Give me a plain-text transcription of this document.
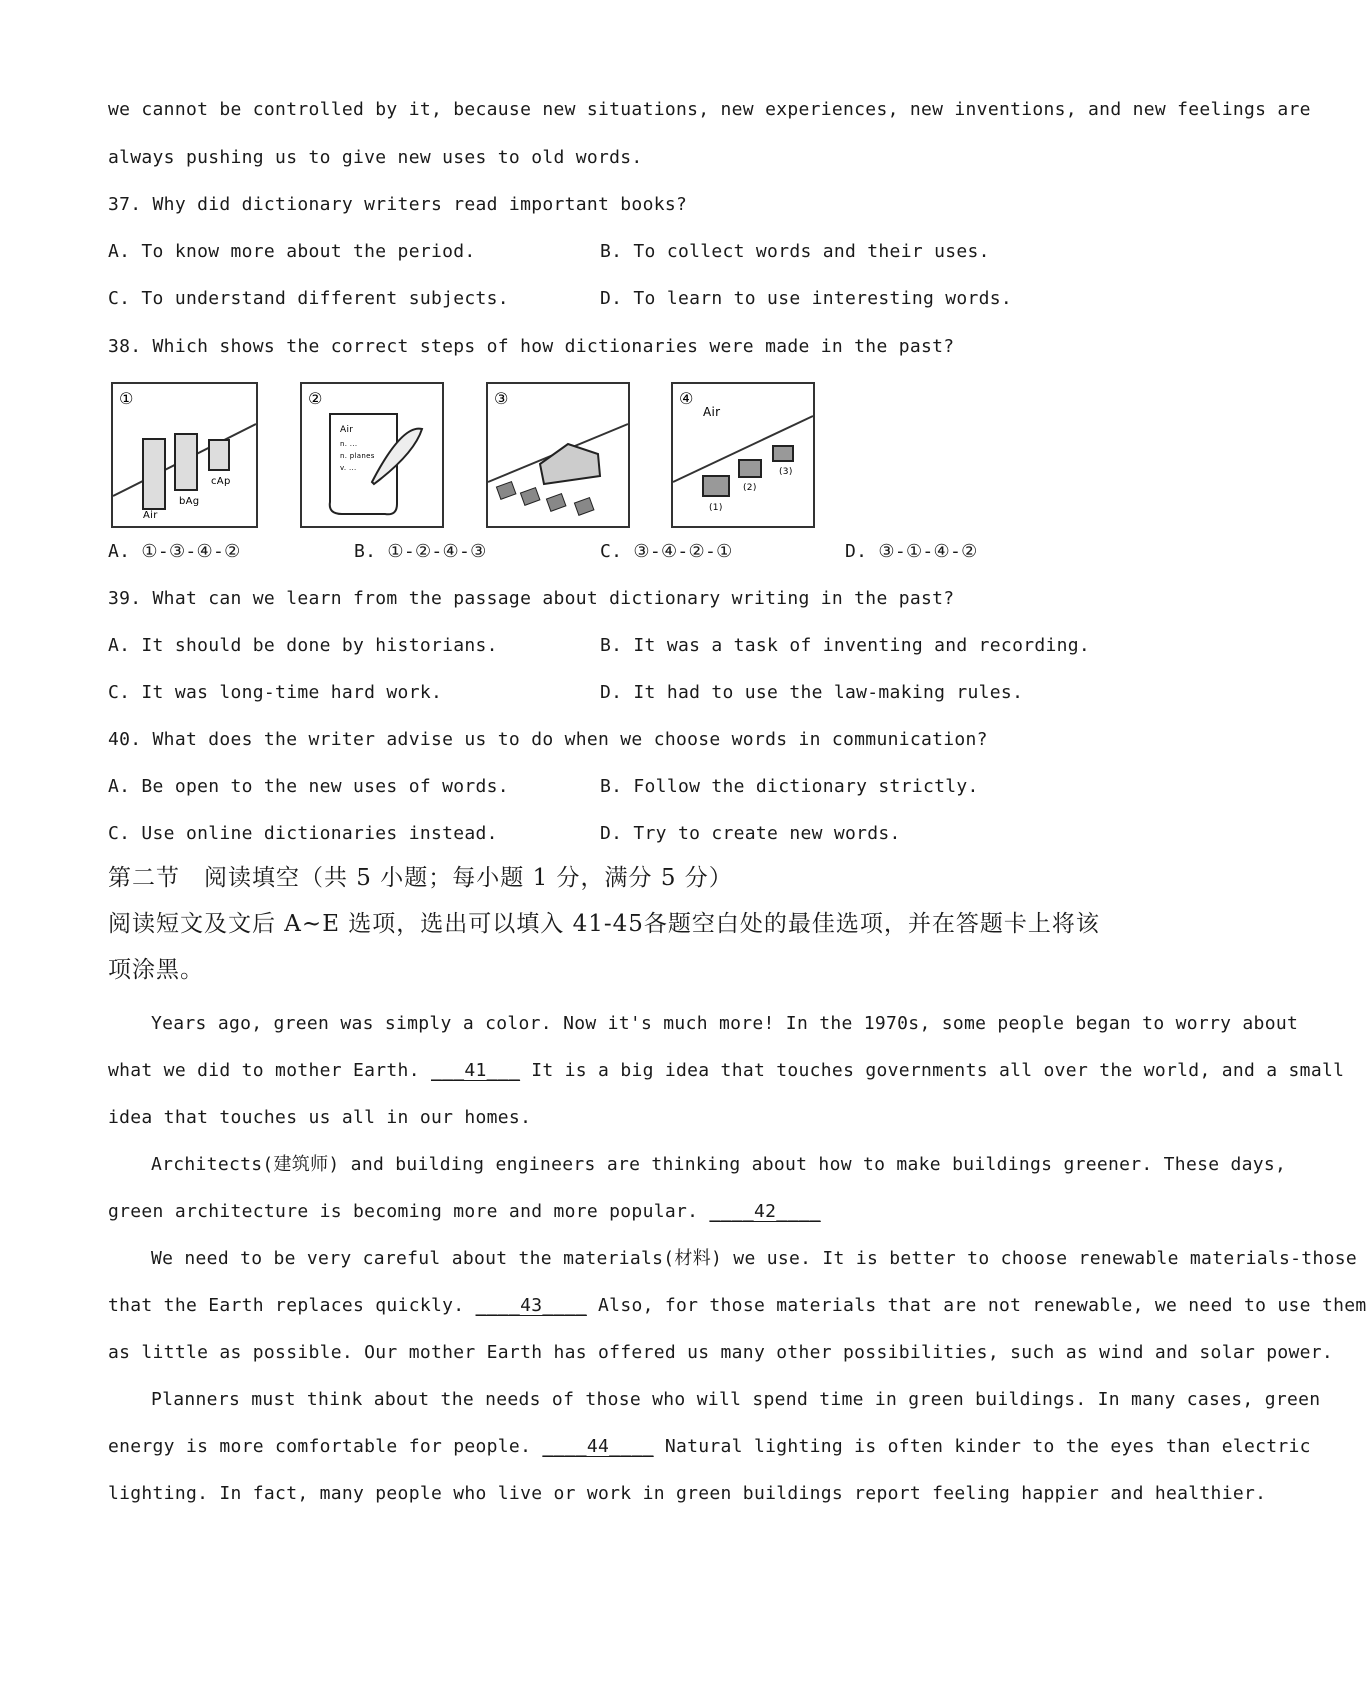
we cannot be controlled by it, because new situations, new experiences, new inventions, and new feelings are
always pushing us to give new uses to old words.
37. Why did dictionary writers read important books?
A. To know more about the period.	B. To collect words and their uses.
C. To understand different subjects.	D. To learn to use interesting words.
38. Which shows the correct steps of how dictionaries were made in the past?
①
Air
bAg
cAp
②
Air
n. ...
n. planes
v. ...
③	④
Air
(1)
(2)
(3)
A. ①-③-④-②	B. ①-②-④-③	C. ③-④-②-①	D. ③-①-④-②
39. What can we learn from the passage about dictionary writing in the past?
A. It should be done by historians.	B. It was a task of inventing and recording.
C. It was long-time hard work.	D. It had to use the law-making rules.
40. What does the writer advise us to do when we choose words in communication?
A. Be open to the new uses of words.	B. Follow the dictionary strictly.
C. Use online dictionaries instead.	D. Try to create new words.
第二节　阅读填空（共 5 小题；每小题 1 分，满分 5 分）
阅读短文及文后 A~E 选项，选出可以填入 41-45各题空白处的最佳选项，并在答题卡上将该
项涂黑。
Years ago, green was simply a color. Now it's much more! In the 1970s, some people began to worry about
what we did to mother Earth. ___41___ It is a big idea that touches governments all over the world, and a small
idea that touches us all in our homes.
Architects(建筑师) and building engineers are thinking about how to make buildings greener. These days,
green architecture is becoming more and more popular. ____42____
We need to be very careful about the materials(材料) we use. It is better to choose renewable materials-those
that the Earth replaces quickly. ____43____ Also, for those materials that are not renewable, we need to use them
as little as possible. Our mother Earth has offered us many other possibilities, such as wind and solar power.
Planners must think about the needs of those who will spend time in green buildings. In many cases, green
energy is more comfortable for people. ____44____ Natural lighting is often kinder to the eyes than electric
lighting. In fact, many people who live or work in green buildings report feeling happier and healthier.
